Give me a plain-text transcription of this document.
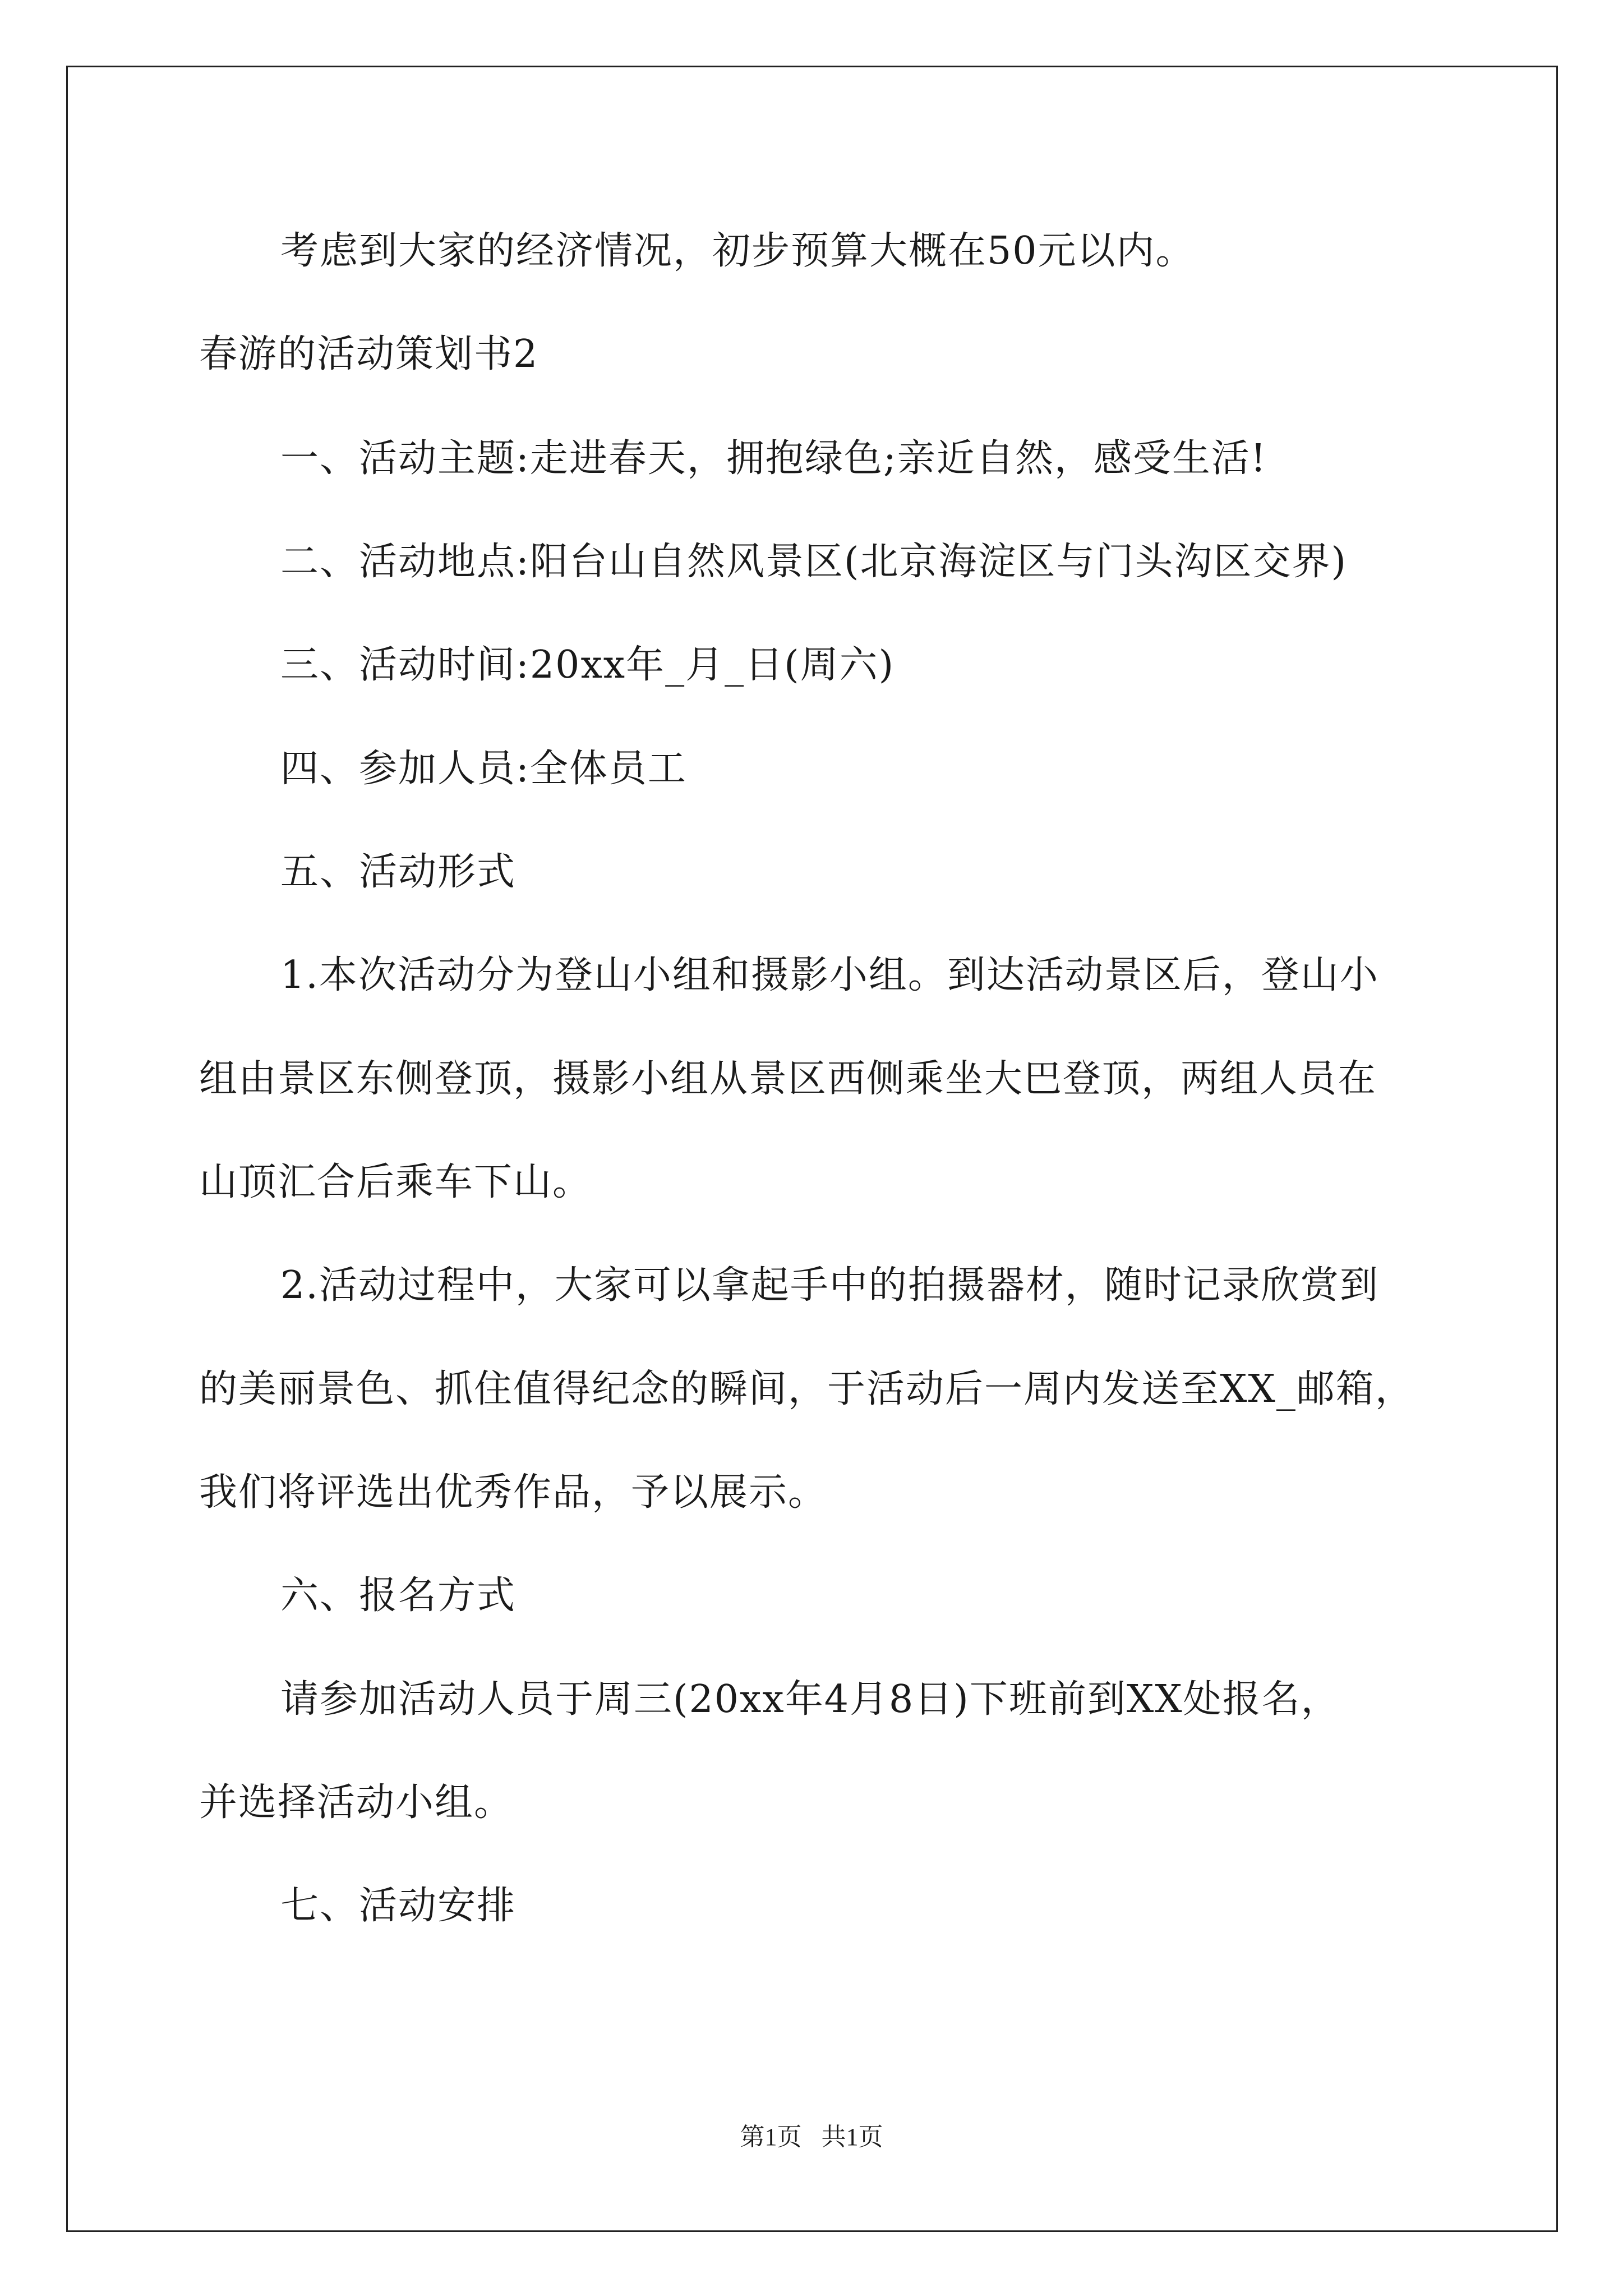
考虑到大家的经济情况，初步预算大概在50元以内。
春游的活动策划书2
一、活动主题:走进春天，拥抱绿色;亲近自然，感受生活!
二、活动地点:阳台山自然风景区(北京海淀区与门头沟区交界)
三、活动时间:20xx年_月_日(周六)
四、参加人员:全体员工
五、活动形式
1.本次活动分为登山小组和摄影小组。到达活动景区后，登山小
组由景区东侧登顶，摄影小组从景区西侧乘坐大巴登顶，两组人员在
山顶汇合后乘车下山。
2.活动过程中，大家可以拿起手中的拍摄器材，随时记录欣赏到
的美丽景色、抓住值得纪念的瞬间，于活动后一周内发送至XX_邮箱，
我们将评选出优秀作品，予以展示。
六、报名方式
请参加活动人员于周三(20xx年4月8日)下班前到XX处报名，
并选择活动小组。
七、活动安排
第1页 共1页
